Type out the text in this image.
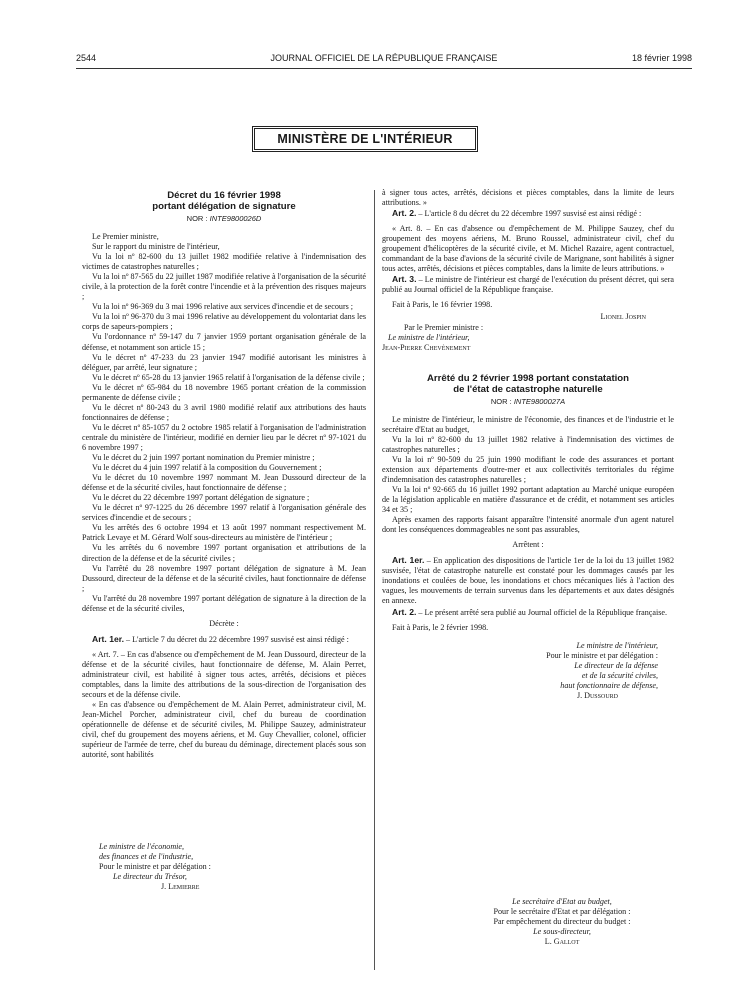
2544	JOURNAL OFFICIEL DE LA RÉPUBLIQUE FRANÇAISE	18 février 1998
MINISTÈRE DE L'INTÉRIEUR
Décret du 16 février 1998
portant délégation de signature
NOR : INTE9800026D

Le Premier ministre,

Sur le rapport du ministre de l'intérieur,

Vu la loi nº 82-600 du 13 juillet 1982 modifiée relative à l'indemnisation des victimes de catastrophes naturelles ;

Vu la loi nº 87-565 du 22 juillet 1987 modifiée relative à l'organisation de la sécurité civile, à la protection de la forêt contre l'incendie et à la prévention des risques majeurs ;

Vu la loi nº 96-369 du 3 mai 1996 relative aux services d'incendie et de secours ;

Vu la loi nº 96-370 du 3 mai 1996 relative au développement du volontariat dans les corps de sapeurs-pompiers ;

Vu l'ordonnance nº 59-147 du 7 janvier 1959 portant organisation générale de la défense, et notamment son article 15 ;

Vu le décret nº 47-233 du 23 janvier 1947 modifié autorisant les ministres à déléguer, par arrêté, leur signature ;

Vu le décret nº 65-28 du 13 janvier 1965 relatif à l'organisation de la défense civile ;

Vu le décret nº 65-984 du 18 novembre 1965 portant création de la commission permanente de défense civile ;

Vu le décret nº 80-243 du 3 avril 1980 modifié relatif aux attributions des hauts fonctionnaires de défense ;

Vu le décret nº 85-1057 du 2 octobre 1985 relatif à l'organisation de l'administration centrale du ministère de l'intérieur, modifié en dernier lieu par le décret nº 97-1021 du 6 novembre 1997 ;

Vu le décret du 2 juin 1997 portant nomination du Premier ministre ;

Vu le décret du 4 juin 1997 relatif à la composition du Gouvernement ;

Vu le décret du 10 novembre 1997 nommant M. Jean Dussourd directeur de la défense et de la sécurité civiles, haut fonctionnaire de défense ;

Vu le décret du 22 décembre 1997 portant délégation de signature ;

Vu le décret nº 97-1225 du 26 décembre 1997 relatif à l'organisation générale des services d'incendie et de secours ;

Vu les arrêtés des 6 octobre 1994 et 13 août 1997 nommant respectivement M. Patrick Levaye et M. Gérard Wolf sous-directeurs au ministère de l'intérieur ;

Vu les arrêtés du 6 novembre 1997 portant organisation et attributions de la direction de la défense et de la sécurité civiles ;

Vu l'arrêté du 28 novembre 1997 portant délégation de signature à M. Jean Dussourd, directeur de la défense et de la sécurité civiles, haut fonctionnaire de défense ;

Vu l'arrêté du 28 novembre 1997 portant délégation de signature à la direction de la défense et de la sécurité civiles,

Décrète :

Art. 1er. – L'article 7 du décret du 22 décembre 1997 susvisé est ainsi rédigé :

« Art. 7. – En cas d'absence ou d'empêchement de M. Jean Dussourd, directeur de la défense et de la sécurité civiles, haut fonctionnaire de défense, M. Alain Perret, administrateur civil, est habilité à signer tous actes, arrêtés, décisions et pièces comptables, dans la limite des attributions de la sous-direction de l'organisation des secours et de la défense civile.

« En cas d'absence ou d'empêchement de M. Alain Perret, administrateur civil, M. Jean-Michel Porcher, administrateur civil, chef du bureau de coordination opérationnelle de défense et de sécurité civiles, M. Philippe Sauzey, administrateur civil, chef du groupement des moyens aériens, et M. Guy Chevallier, colonel, officier supérieur de l'armée de terre, chef du bureau du déminage, directement placés sous son autorité, sont habilités

à signer tous actes, arrêtés, décisions et pièces comptables, dans la limite de leurs attributions. »

Art. 2. – L'article 8 du décret du 22 décembre 1997 susvisé est ainsi rédigé :

« Art. 8. – En cas d'absence ou d'empêchement de M. Philippe Sauzey, chef du groupement des moyens aériens, M. Bruno Roussel, administrateur civil, chef du groupement d'hélicoptères de la sécurité civile, et M. Michel Razaire, agent contractuel, commandant de la base d'avions de la sécurité civile de Marignane, sont habilités à signer tous actes, arrêtés, décisions et pièces comptables, dans la limite de leurs attributions. »

Art. 3. – Le ministre de l'intérieur est chargé de l'exécution du présent décret, qui sera publié au Journal officiel de la République française.

Fait à Paris, le 16 février 1998.

Lionel Jospin
Par le Premier ministre :
Le ministre de l'intérieur,
Jean-Pierre Chevènement
Arrêté du 2 février 1998 portant constatation
de l'état de catastrophe naturelle
NOR : INTE9800027A

Le ministre de l'intérieur, le ministre de l'économie, des finances et de l'industrie et le secrétaire d'Etat au budget,

Vu la loi nº 82-600 du 13 juillet 1982 relative à l'indemnisation des victimes de catastrophes naturelles ;

Vu la loi nº 90-509 du 25 juin 1990 modifiant le code des assurances et portant extension aux départements d'outre-mer et aux collectivités territoriales du régime d'indemnisation des catastrophes naturelles ;

Vu la loi nº 92-665 du 16 juillet 1992 portant adaptation au Marché unique européen de la législation applicable en matière d'assurance et de crédit, et notamment ses articles 34 et 35 ;

Après examen des rapports faisant apparaître l'intensité anormale d'un agent naturel dont les conséquences dommageables ne sont pas assurables,

Arrêtent :

Art. 1er. – En application des dispositions de l'article 1er de la loi du 13 juillet 1982 susvisée, l'état de catastrophe naturelle est constaté pour les dommages causés par les inondations et coulées de boue, les inondations et chocs mécaniques liés à l'action des vagues, les mouvements de terrain survenus dans les départements et aux dates désignés en annexe.

Art. 2. – Le présent arrêté sera publié au Journal officiel de la République française.

Fait à Paris, le 2 février 1998.

Le ministre de l'intérieur,
Pour le ministre et par délégation :
Le directeur de la défense
et de la sécurité civiles,
haut fonctionnaire de défense,
J. Dussourd
Le ministre de l'économie,
des finances et de l'industrie,
Pour le ministre et par délégation :
Le directeur du Trésor,
J. Lemierre
Le secrétaire d'Etat au budget,
Pour le secrétaire d'Etat et par délégation :
Par empêchement du directeur du budget :
Le sous-directeur,
L. Gallot
